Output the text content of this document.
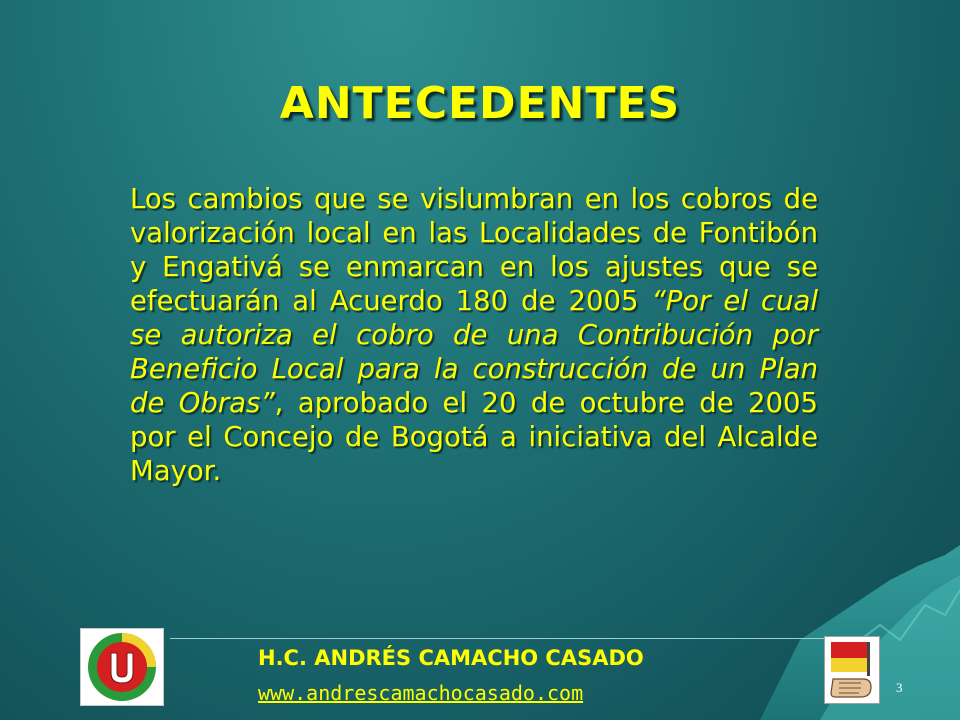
ANTECEDENTES
Los cambios que se vislumbran en los cobros de valorización local en las Localidades de Fontibón y Engativá se enmarcan en los ajustes que se efectuarán al Acuerdo 180 de 2005 “Por el cual se autoriza el cobro de una Contribución por Beneficio Local para la construcción de un Plan de Obras”, aprobado el 20 de octubre de 2005 por el Concejo de Bogotá a iniciativa del Alcalde Mayor.
H.C. ANDRÉS CAMACHO CASADO
www.andrescamachocasado.com	3
